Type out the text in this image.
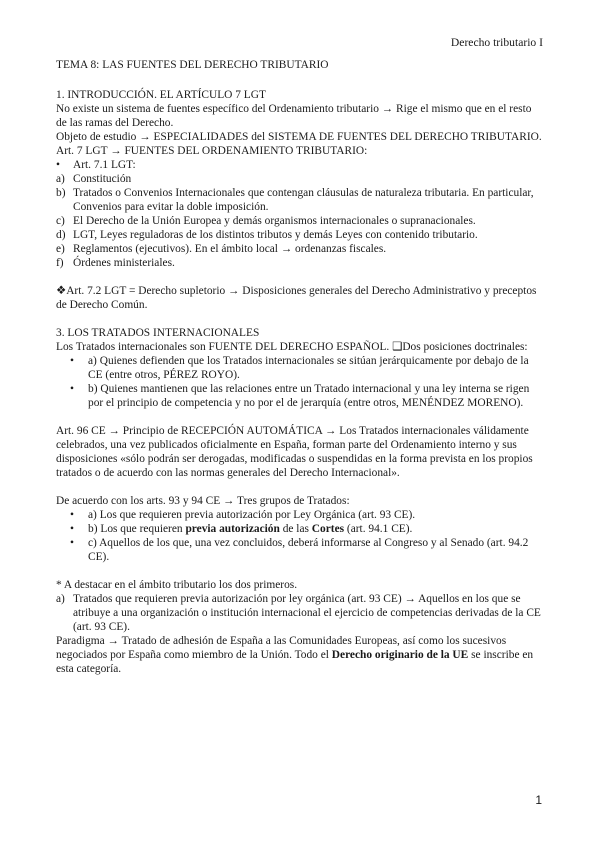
Derecho tributario I

TEMA 8: LAS FUENTES DEL DERECHO TRIBUTARIO

1. INTRODUCCIÓN. EL ARTÍCULO 7 LGT

No existe un sistema de fuentes específico del Ordenamiento tributario → Rige el mismo que en el resto de las ramas del Derecho.

Objeto de estudio → ESPECIALIDADES del SISTEMA DE FUENTES DEL DERECHO TRIBUTARIO.

Art. 7 LGT → FUENTES DEL ORDENAMIENTO TRIBUTARIO:

• Art. 7.1 LGT:
a) Constitución
b) Tratados o Convenios Internacionales que contengan cláusulas de naturaleza tributaria. En particular, Convenios para evitar la doble imposición.
c) El Derecho de la Unión Europea y demás organismos internacionales o supranacionales.
d) LGT, Leyes reguladoras de los distintos tributos y demás Leyes con contenido tributario.
e) Reglamentos (ejecutivos). En el ámbito local → ordenanzas fiscales.
f) Órdenes ministeriales.

❖Art. 7.2 LGT = Derecho supletorio → Disposiciones generales del Derecho Administrativo y preceptos de Derecho Común.

3. LOS TRATADOS INTERNACIONALES

Los Tratados internacionales son FUENTE DEL DERECHO ESPAÑOL. ❑Dos posiciones doctrinales:

• a) Quienes defienden que los Tratados internacionales se sitúan jerárquicamente por debajo de la CE (entre otros, PÉREZ ROYO).
• b) Quienes mantienen que las relaciones entre un Tratado internacional y una ley interna se rigen por el principio de competencia y no por el de jerarquía (entre otros, MENÉNDEZ MORENO).

Art. 96 CE → Principio de RECEPCIÓN AUTOMÁTICA → Los Tratados internacionales válidamente celebrados, una vez publicados oficialmente en España, forman parte del Ordenamiento interno y sus disposiciones «sólo podrán ser derogadas, modificadas o suspendidas en la forma prevista en los propios tratados o de acuerdo con las normas generales del Derecho Internacional».

De acuerdo con los arts. 93 y 94 CE → Tres grupos de Tratados:

• a) Los que requieren previa autorización por Ley Orgánica (art. 93 CE).
• b) Los que requieren previa autorización de las Cortes (art. 94.1 CE).
• c) Aquellos de los que, una vez concluidos, deberá informarse al Congreso y al Senado (art. 94.2 CE).

* A destacar en el ámbito tributario los dos primeros.

a) Tratados que requieren previa autorización por ley orgánica (art. 93 CE) → Aquellos en los que se atribuye a una organización o institución internacional el ejercicio de competencias derivadas de la CE (art. 93 CE).

Paradigma → Tratado de adhesión de España a las Comunidades Europeas, así como los sucesivos negociados por España como miembro de la Unión. Todo el Derecho originario de la UE se inscribe en esta categoría.

1
